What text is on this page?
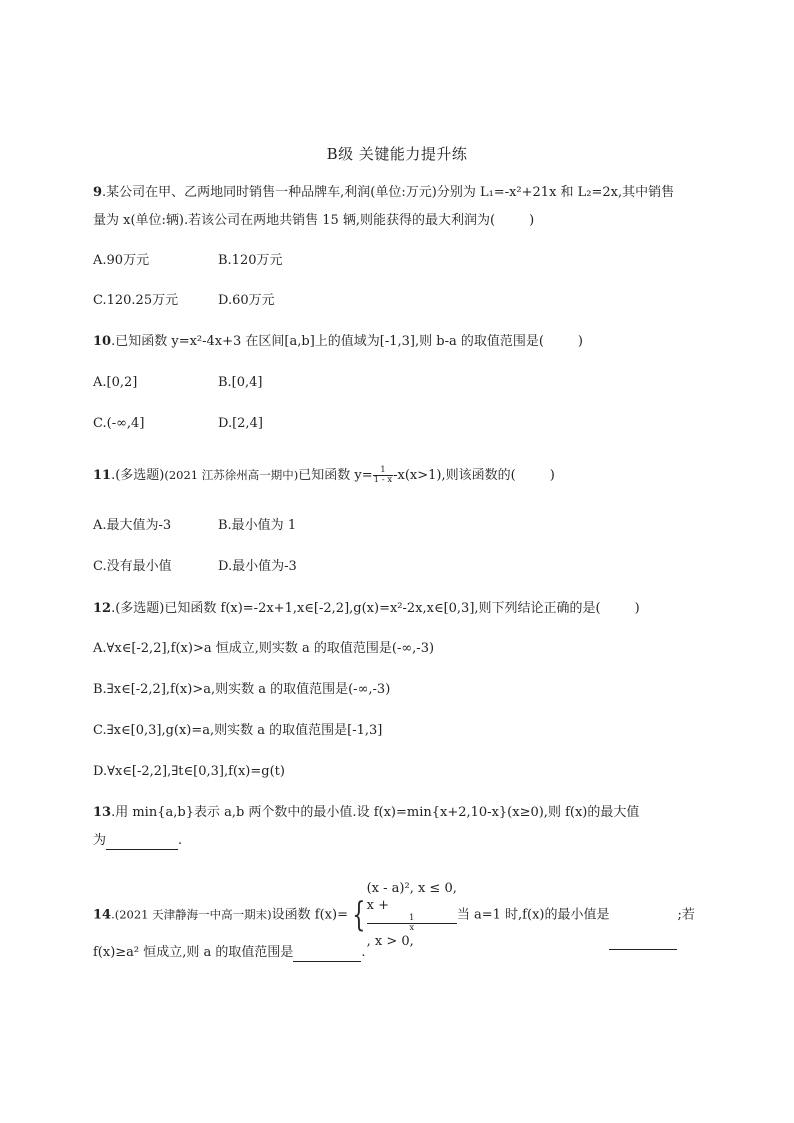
B级 关键能力提升练
9.某公司在甲、乙两地同时销售一种品牌车,利润(单位:万元)分别为 L₁=-x²+21x 和 L₂=2x,其中销售
量为 x(单位:辆).若该公司在两地共销售 15 辆,则能获得的最大利润为(	)
A.90万元	B.120万元
C.120.25万元	D.60万元
10.已知函数 y=x²-4x+3 在区间[a,b]上的值域为[-1,3],则 b-a 的取值范围是(	)
A.[0,2]	B.[0,4]
C.(-∞,4]	D.[2,4]
11.(多选题)(2021 江苏徐州高一期中)已知函数 $y= \frac{1}{1 - x} -x(x>1)$,则该函数的(	)
A.最大值为-3	B.最小值为 1
C.没有最小值	D.最小值为-3
12.(多选题)已知函数 f(x)=-2x+1,x∈[-2,2],g(x)=x²-2x,x∈[0,3],则下列结论正确的是(	)
A.∀x∈[-2,2],f(x)>a 恒成立,则实数 a 的取值范围是(-∞,-3)
B.∃x∈[-2,2],f(x)>a,则实数 a 的取值范围是(-∞,-3)
C.∃x∈[0,3],g(x)=a,则实数 a 的取值范围是[-1,3]
D.∀x∈[-2,2],∃t∈[0,3],f(x)=g(t)
13.用 min{a,b}表示 a,b 两个数中的最小值.设 f(x)=min{x+2,10-x}(x≥0),则 f(x)的最大值
为	.
14.(2021 天津静海一中高一期末)设函数 f(x)= {
(x - a)², x ≤ 0,
x +
1
x
, x > 0,
当 a=1 时,f(x)的最小值是	;若
f(x)≥a² 恒成立,则 a 的取值范围是	.
